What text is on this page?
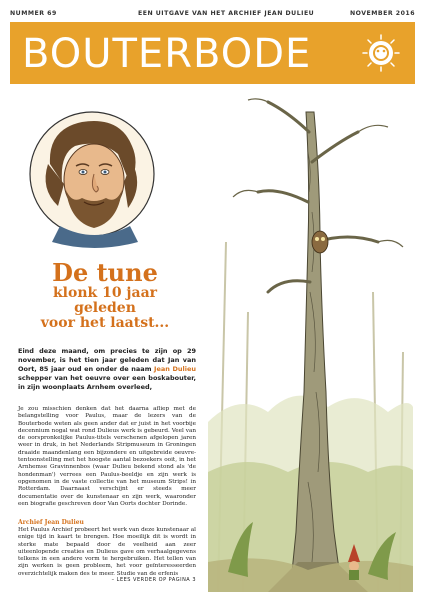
NUMMER 69	EEN UITGAVE VAN HET ARCHIEF JEAN DULIEU	NOVEMBER 2016
BOUTERBODE
De tune
klonk 10 jaar geleden
voor het laatst...
Eind deze maand, om precies te zijn op 29 november, is het tien jaar geleden dat Jan van Oort, 85 jaar oud en onder de naam Jean Dulieu schepper van het oeuvre over een boskabouter, in zijn woonplaats Arnhem overleed,
Je zou misschien denken dat het daarna afliep met de belangstelling voor Paulus, maar de lezers van de Bouterbode weten als geen ander dat er juist in het voorbije decennium nogal wat rond Dulieus werk is gebeurd. Veel van de oorspronkelijke Paulus-titels verschenen afgelopen jaren weer in druk, in het Nederlands Stripmuseum in Groningen draaide maandenlang een bijzondere en uitgebreide oeuvre-tentoonstelling met het hoogste aantal bezoekers ooit, in het Arnhemse Gravinnenbos (waar Dulieu bekend stond als 'de hondenman') verrees een Paulus-beeldje en zijn werk is opgenomen in de vaste collectie van het museum Strips! in Rotterdam. Daarnaast verschijnt er steeds meer documentatie over de kunstenaar en zijn werk, waaronder een biografie geschreven door Van Oorts dochter Dorinde.
Archief Jean Dulieu
Het Paulus Archief probeert het werk van deze kunstenaar al enige tijd in kaart te brengen. Hoe moeilijk dit is wordt in sterke mate bepaald door de veelheid aan zeer uiteenlopende creaties en Dulieus gave om verhaalgegevens telkens in een andere vorm te hergebruiken. Het tellen van zijn werken is geen probleem, het voor geïnteresseerden overzichtelijk maken des te meer. Studie van de erfenis
– LEES VERDER OP PAGINA 3
